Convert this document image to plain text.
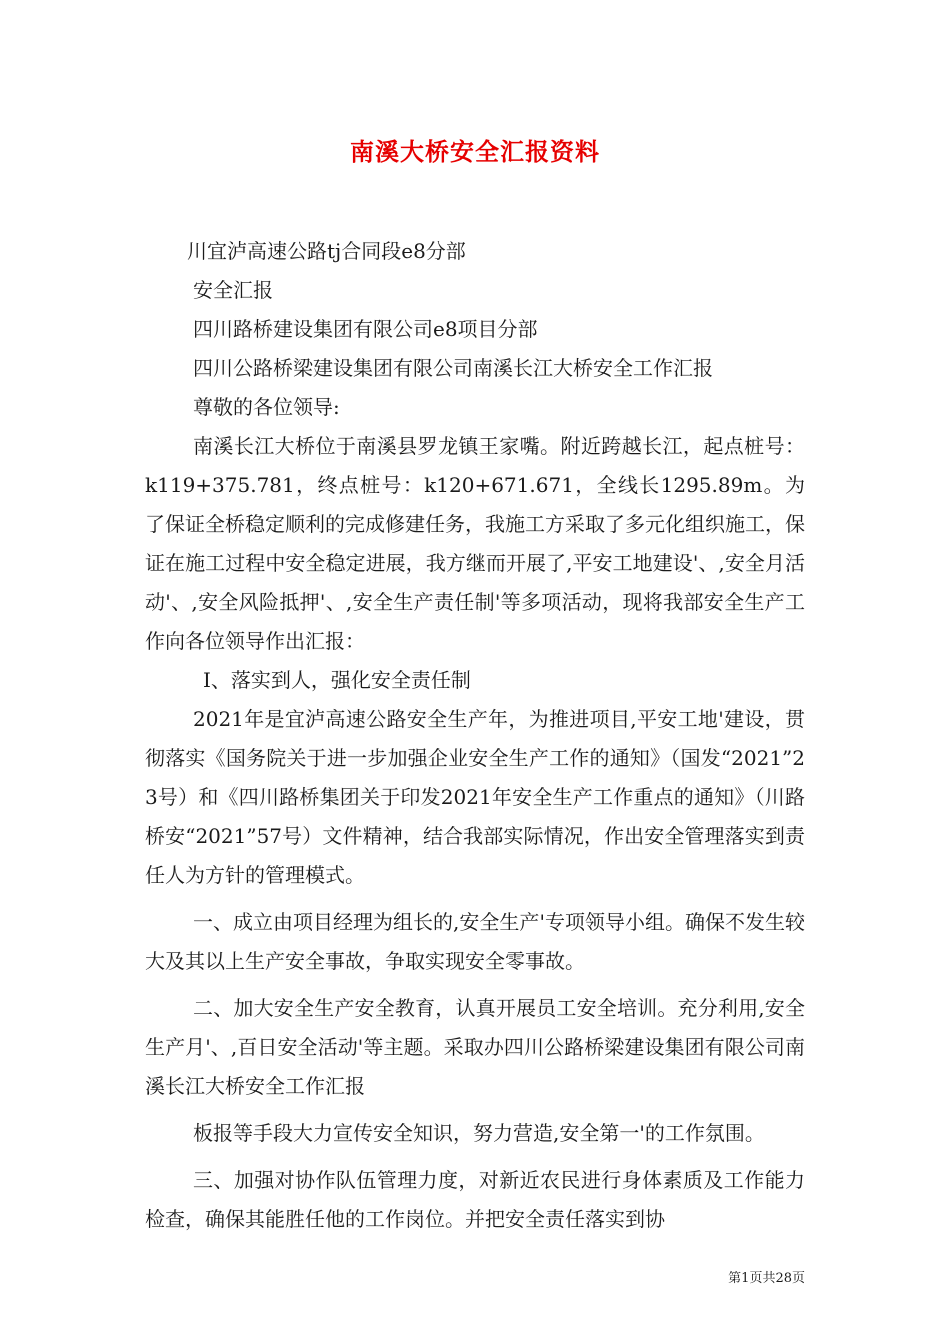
南溪大桥安全汇报资料

川宜泸高速公路tj合同段e8分部

安全汇报

四川路桥建设集团有限公司e8项目分部

四川公路桥梁建设集团有限公司南溪长江大桥安全工作汇报

尊敬的各位领导:

南溪长江大桥位于南溪县罗龙镇王家嘴。附近跨越长江，起点桩号：k119+375.781，终点桩号：k120+671.671，全线长1295.89m。为了保证全桥稳定顺利的完成修建任务，我施工方采取了多元化组织施工，保证在施工过程中安全稳定进展，我方继而开展了,平安工地建设'、,安全月活动'、,安全风险抵押'、,安全生产责任制'等多项活动，现将我部安全生产工作向各位领导作出汇报：

Ⅰ、落实到人，强化安全责任制

2021年是宜泸高速公路安全生产年，为推进项目,平安工地'建设，贯彻落实《国务院关于进一步加强企业安全生产工作的通知》（国发“2021”23号）和《四川路桥集团关于印发2021年安全生产工作重点的通知》（川路桥安“2021”57号）文件精神，结合我部实际情况，作出安全管理落实到责任人为方针的管理模式。

一、成立由项目经理为组长的,安全生产'专项领导小组。确保不发生较大及其以上生产安全事故，争取实现安全零事故。

二、加大安全生产安全教育，认真开展员工安全培训。充分利用,安全生产月'、,百日安全活动'等主题。采取办四川公路桥梁建设集团有限公司南溪长江大桥安全工作汇报

板报等手段大力宣传安全知识，努力营造,安全第一'的工作氛围。

三、加强对协作队伍管理力度，对新近农民进行身体素质及工作能力检查，确保其能胜任他的工作岗位。并把安全责任落实到协

第1页共28页
